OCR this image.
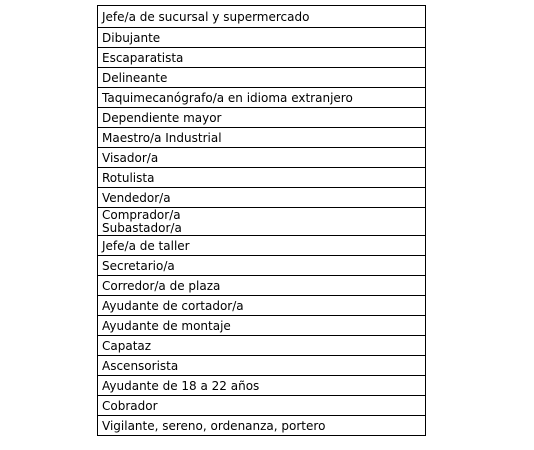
Jefe/a de sucursal y supermercado
Dibujante
Escaparatista
Delineante
Taquimecanógrafo/a en idioma extranjero
Dependiente mayor
Maestro/a Industrial
Visador/a
Rotulista
Vendedor/a
Comprador/a
Subastador/a
Jefe/a de taller
Secretario/a
Corredor/a de plaza
Ayudante de cortador/a
Ayudante de montaje
Capataz
Ascensorista
Ayudante de 18 a 22 años
Cobrador
Vigilante, sereno, ordenanza, portero
